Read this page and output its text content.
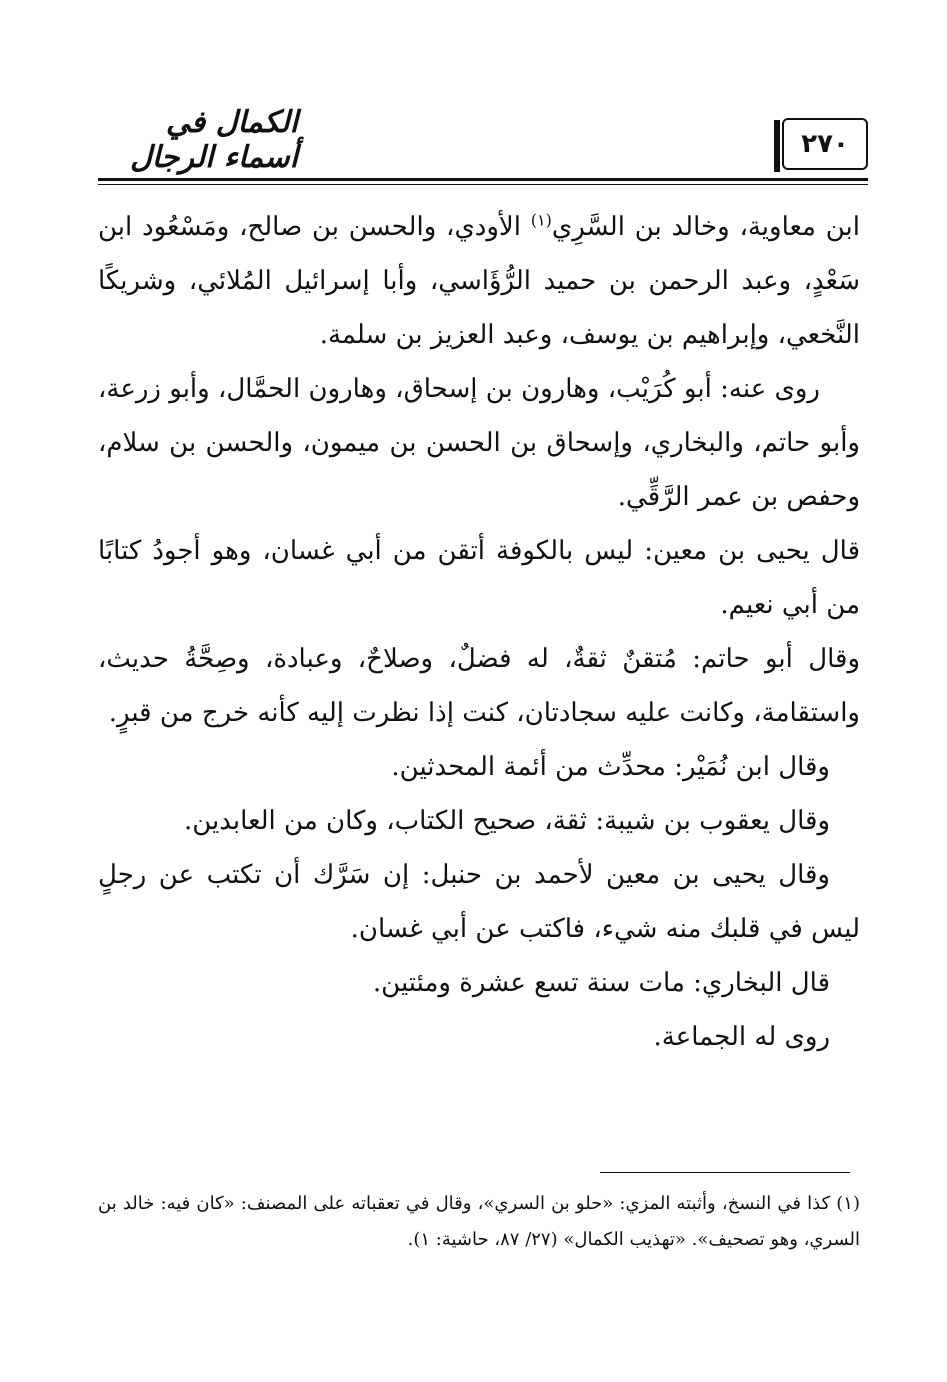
٢٧٠
الكمال في أسماء الرجال

ابن معاوية، وخالد بن السَّرِي$^{(١)}$ الأودي، والحسن بن صالح، ومَسْعُود ابن سَعْدٍ، وعبد الرحمن بن حميد الرُّؤَاسي، وأبا إسرائيل المُلائي، وشريكًا النَّخعي، وإبراهيم بن يوسف، وعبد العزيز بن سلمة.

روى عنه: أبو كُرَيْب، وهارون بن إسحاق، وهارون الحمَّال، وأبو زرعة، وأبو حاتم، والبخاري، وإسحاق بن الحسن بن ميمون، والحسن بن سلام، وحفص بن عمر الرَّقِّي.

قال يحيى بن معين: ليس بالكوفة أتقن من أبي غسان، وهو أجودُ كتابًا من أبي نعيم.

وقال أبو حاتم: مُتقنٌ ثقةٌ، له فضلٌ، وصلاحٌ، وعبادة، وصِحَّةُ حديث، واستقامة، وكانت عليه سجادتان، كنت إذا نظرت إليه كأنه خرج من قبرٍ.

وقال ابن نُمَيْر: محدِّث من أئمة المحدثين.

وقال يعقوب بن شيبة: ثقة، صحيح الكتاب، وكان من العابدين.

وقال يحيى بن معين لأحمد بن حنبل: إن سَرَّك أن تكتب عن رجلٍ ليس في قلبك منه شيء، فاكتب عن أبي غسان.

قال البخاري: مات سنة تسع عشرة ومئتين.

روى له الجماعة.

(١) كذا في النسخ، وأثبته المزي: «حلو بن السري»، وقال في تعقباته على المصنف: «كان فيه: خالد بن السري، وهو تصحيف». «تهذيب الكمال» (٢٧/ ٨٧، حاشية: ١).
